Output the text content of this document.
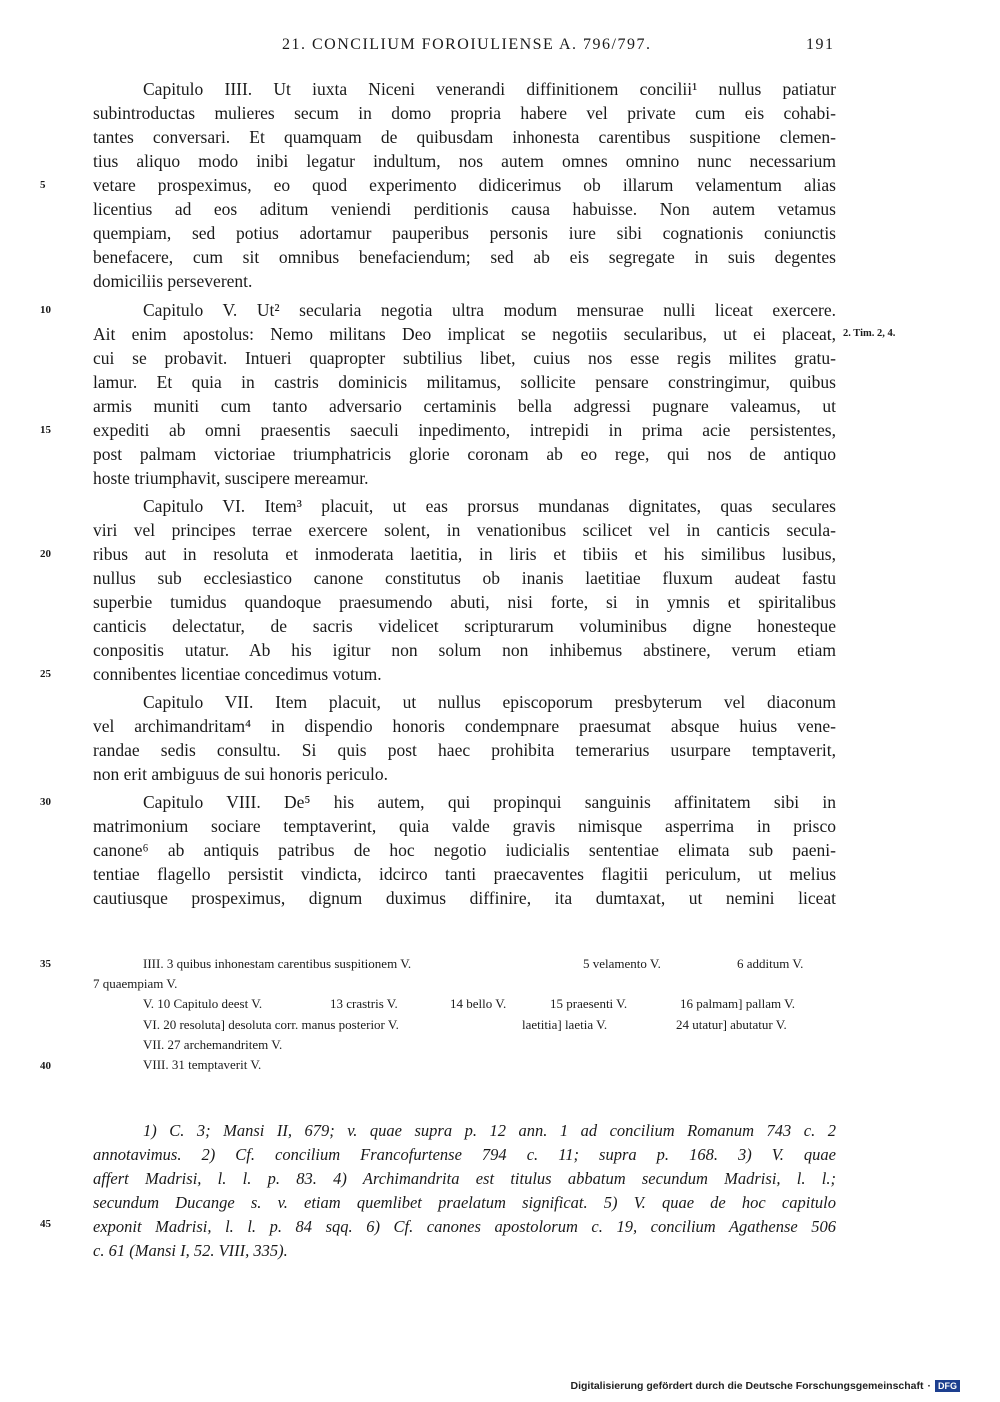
21. CONCILIUM FOROIULIENSE A. 796/797.	191
Capitulo IIII. Ut iuxta Niceni venerandi diffinitionem concilii¹ nullus patiatur
subintroductas mulieres secum in domo propria habere vel private cum eis cohabi-
tantes conversari. Et quamquam de quibusdam inhonesta carentibus suspitione clemen-
tius aliquo modo inibi legatur indultum, nos autem omnes omnino nunc necessarium
vetare prospeximus, eo quod experimento didicerimus ob illarum velamentum alias
licentius ad eos aditum veniendi perditionis causa habuisse. Non autem vetamus
quempiam, sed potius adortamur pauperibus personis iure sibi cognationis coniunctis
benefacere, cum sit omnibus benefaciendum; sed ab eis segregate in suis degentes
domiciliis perseverent.
Capitulo V. Ut² secularia negotia ultra modum mensurae nulli liceat exercere.
Ait enim apostolus: Nemo militans Deo implicat se negotiis secularibus, ut ei placeat,
cui se probavit. Intueri quapropter subtilius libet, cuius nos esse regis milites gratu-
lamur. Et quia in castris dominicis militamus, sollicite pensare constringimur, quibus
armis muniti cum tanto adversario certaminis bella adgressi pugnare valeamus, ut
expediti ab omni praesentis saeculi inpedimento, intrepidi in prima acie persistentes,
post palmam victoriae triumphatricis glorie coronam ab eo rege, qui nos de antiquo
hoste triumphavit, suscipere mereamur.
Capitulo VI. Item³ placuit, ut eas prorsus mundanas dignitates, quas seculares
viri vel principes terrae exercere solent, in venationibus scilicet vel in canticis secula-
ribus aut in resoluta et inmoderata laetitia, in liris et tibiis et his similibus lusibus,
nullus sub ecclesiastico canone constitutus ob inanis laetitiae fluxum audeat fastu
superbie tumidus quandoque praesumendo abuti, nisi forte, si in ymnis et spiritalibus
canticis delectatur, de sacris videlicet scripturarum voluminibus digne honesteque
conpositis utatur. Ab his igitur non solum non inhibemus abstinere, verum etiam
connibentes licentiae concedimus votum.
Capitulo VII. Item placuit, ut nullus episcoporum presbyterum vel diaconum
vel archimandritam⁴ in dispendio honoris condempnare praesumat absque huius vene-
randae sedis consultu. Si quis post haec prohibita temerarius usurpare temptaverit,
non erit ambiguus de sui honoris periculo.
Capitulo VIII. De⁵ his autem, qui propinqui sanguinis affinitatem sibi in
matrimonium sociare temptaverint, quia valde gravis nimisque asperrima in prisco
canone⁶ ab antiquis patribus de hoc negotio iudicialis sententiae elimata sub paeni-
tentiae flagello persistit vindicta, idcirco tanti praecaventes flagitii periculum, ut melius
cautiusque prospeximus, dignum duximus diffinire, ita dumtaxat, ut nemini liceat
5
10
15
20
25
30
35
40
45
2. Tim. 2, 4.
IIII. 3 quibus inhonestam carentibus suspitionem V.	5 velamento V.	6 additum V.
7 quaempiam V.
V. 10 Capitulo deest V.	13 crastris V.	14 bello V.	15 praesenti V.	16 palmam] pallam V.
VI. 20 resoluta] desoluta corr. manus posterior V.	laetitia] laetia V.	24 utatur] abutatur V.
VII. 27 archemandritem V.
VIII. 31 temptaverit V.
1) C. 3; Mansi II, 679; v. quae supra p. 12 ann. 1 ad concilium Romanum 743 c. 2
annotavimus. 2) Cf. concilium Francofurtense 794 c. 11; supra p. 168. 3) V. quae
affert Madrisi, l. l. p. 83. 4) Archimandrita est titulus abbatum secundum Madrisi, l. l.;
secundum Ducange s. v. etiam quemlibet praelatum significat. 5) V. quae de hoc capitulo
exponit Madrisi, l. l. p. 84 sqq. 6) Cf. canones apostolorum c. 19, concilium Agathense 506
c. 61 (Mansi I, 52. VIII, 335).
Digitalisierung gefördert durch die Deutsche Forschungsgemeinschaft · DFG
